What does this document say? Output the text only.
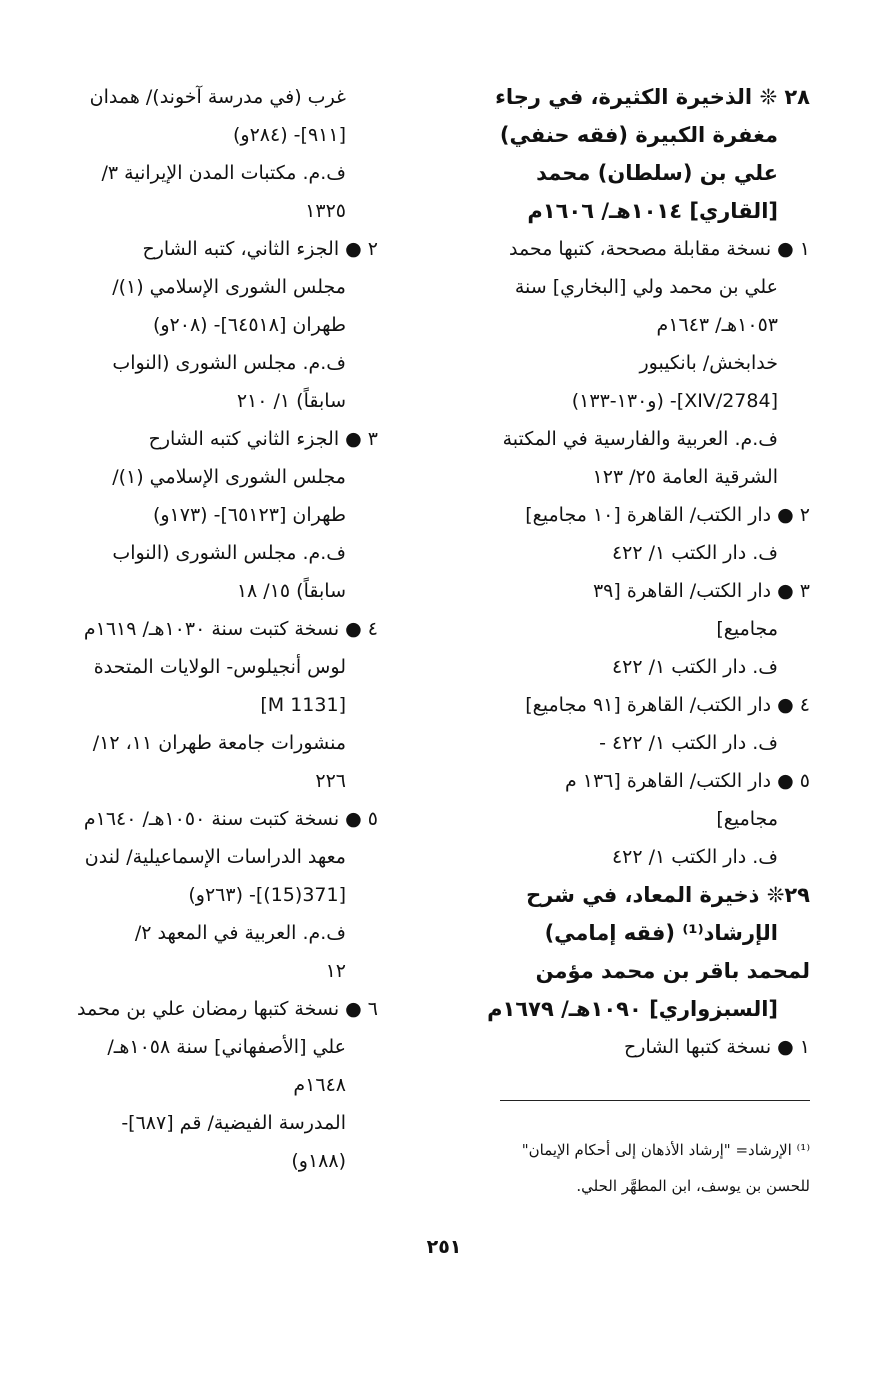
٢٨ ❊ الذخيرة الكثيرة، في رجاء
مغفرة الكبيرة (فقه حنفي)
علي بن (سلطان) محمد
[القاري] ١٠١٤هـ/ ١٦٠٦م
١ ● نسخة مقابلة مصححة، كتبها محمد
علي بن محمد ولي [البخاري] سنة
١٠٥٣هـ/ ١٦٤٣م
خدابخش/ بانكيبور
[2784/XIV]- (و١٣٠-١٣٣)
ف.م. العربية والفارسية في المكتبة
الشرقية العامة ٢٥/ ١٢٣
٢ ● دار الكتب/ القاهرة [١٠ مجاميع]
ف. دار الكتب ١/ ٤٢٢
٣ ● دار الكتب/ القاهرة [٣٩
مجاميع]
ف. دار الكتب ١/ ٤٢٢
٤ ● دار الكتب/ القاهرة [٩١ مجاميع]
ف. دار الكتب ١/ ٤٢٢ -
٥ ● دار الكتب/ القاهرة [١٣٦ م
مجاميع]
ف. دار الكتب ١/ ٤٢٢
٢٩❊ ذخيرة المعاد، في شرح
الإرشاد⁽¹⁾ (فقه إمامي)
لمحمد باقر بن محمد مؤمن
[السبزواري] ١٠٩٠هـ/ ١٦٧٩م
١ ● نسخة كتبها الشارح
غرب (في مدرسة آخوند)/ همدان
[٩١١]- (٢٨٤و)
ف.م. مكتبات المدن الإيرانية ٣/
١٣٢٥
٢ ● الجزء الثاني، كتبه الشارح
مجلس الشورى الإسلامي (١)/
طهران [٦٤٥١٨]- (٢٠٨و)
ف.م. مجلس الشورى (النواب
سابقاً) ١/ ٢١٠
٣ ● الجزء الثاني كتبه الشارح
مجلس الشورى الإسلامي (١)/
طهران [٦٥١٢٣]- (١٧٣و)
ف.م. مجلس الشورى (النواب
سابقاً) ١٥/ ١٨
٤ ● نسخة كتبت سنة ١٠٣٠هـ/ ١٦١٩م
لوس أنجيلوس- الولايات المتحدة
[M 1131]
منشورات جامعة طهران ١١، ١٢/
٢٢٦
٥ ● نسخة كتبت سنة ١٠٥٠هـ/ ١٦٤٠م
معهد الدراسات الإسماعيلية/ لندن
[371(15)]- (٢٦٣و)
ف.م. العربية في المعهد ٢/
١٢
٦ ● نسخة كتبها رمضان علي بن محمد
علي [الأصفهاني] سنة ١٠٥٨هـ/
١٦٤٨م
المدرسة الفيضية/ قم [٦٨٧]-
(١٨٨و)	⁽¹⁾ الإرشاد= "إرشاد الأذهان إلى أحكام الإيمان"
للحسن بن يوسف، ابن المطهَّر الحلي.
٢٥١
